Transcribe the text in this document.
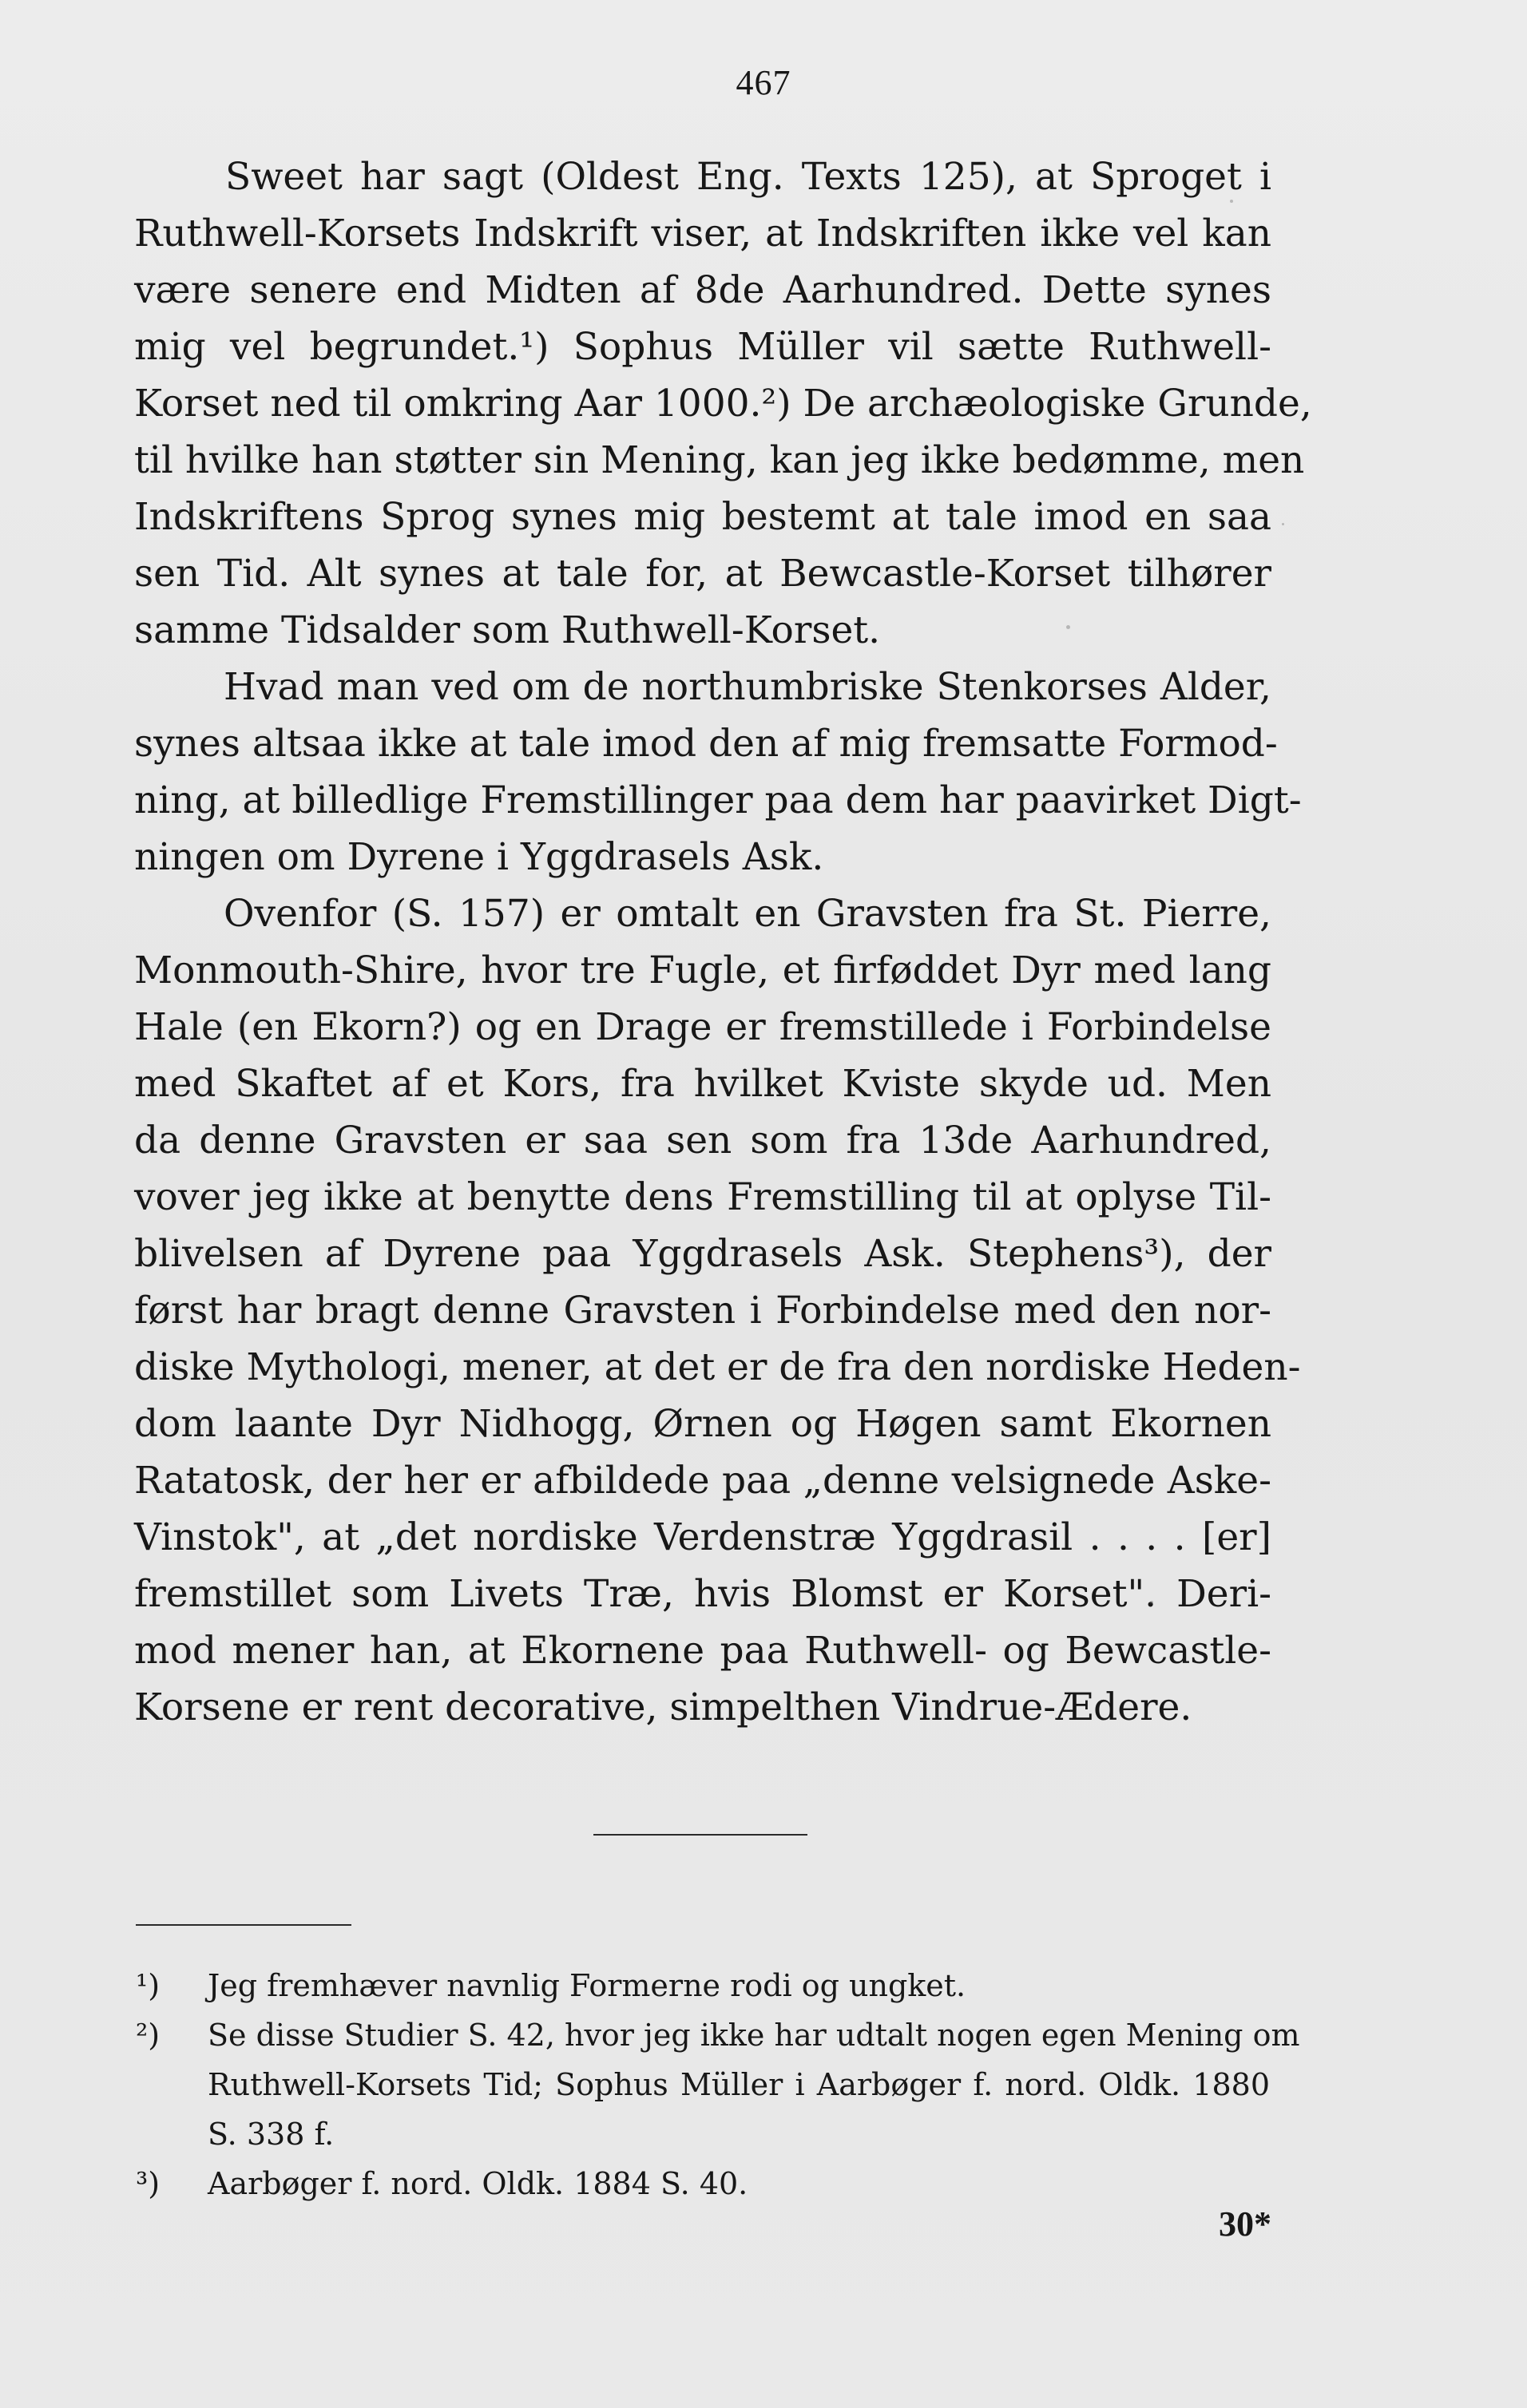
467
Sweet har sagt (Oldest Eng. Texts 125), at Sproget i
Ruthwell-Korsets Indskrift viser, at Indskriften ikke vel kan
være senere end Midten af 8de Aarhundred. Dette synes
mig vel begrundet.¹) Sophus Müller vil sætte Ruthwell-
Korset ned til omkring Aar 1000.²) De archæologiske Grunde,
til hvilke han støtter sin Mening, kan jeg ikke bedømme, men
Indskriftens Sprog synes mig bestemt at tale imod en saa
sen Tid. Alt synes at tale for, at Bewcastle-Korset tilhører
samme Tidsalder som Ruthwell-Korset.
Hvad man ved om de northumbriske Stenkorses Alder,
synes altsaa ikke at tale imod den af mig fremsatte Formod-
ning, at billedlige Fremstillinger paa dem har paavirket Digt-
ningen om Dyrene i Yggdrasels Ask.
Ovenfor (S. 157) er omtalt en Gravsten fra St. Pierre,
Monmouth-Shire, hvor tre Fugle, et firføddet Dyr med lang
Hale (en Ekorn?) og en Drage er fremstillede i Forbindelse
med Skaftet af et Kors, fra hvilket Kviste skyde ud. Men
da denne Gravsten er saa sen som fra 13de Aarhundred,
vover jeg ikke at benytte dens Fremstilling til at oplyse Til-
blivelsen af Dyrene paa Yggdrasels Ask. Stephens³), der
først har bragt denne Gravsten i Forbindelse med den nor-
diske Mythologi, mener, at det er de fra den nordiske Heden-
dom laante Dyr Nidhogg, Ørnen og Høgen samt Ekornen
Ratatosk, der her er afbildede paa „denne velsignede Aske-
Vinstok", at „det nordiske Verdenstræ Yggdrasil . . . . [er]
fremstillet som Livets Træ, hvis Blomst er Korset". Deri-
mod mener han, at Ekornene paa Ruthwell- og Bewcastle-
Korsene er rent decorative, simpelthen Vindrue-Ædere.
¹)	Jeg fremhæver navnlig Formerne rodi og ungket.
²)	Se disse Studier S. 42, hvor jeg ikke har udtalt nogen egen Mening om
Ruthwell-Korsets Tid; Sophus Müller i Aarbøger f. nord. Oldk. 1880
S. 338 f.
³)	Aarbøger f. nord. Oldk. 1884 S. 40.
30*
